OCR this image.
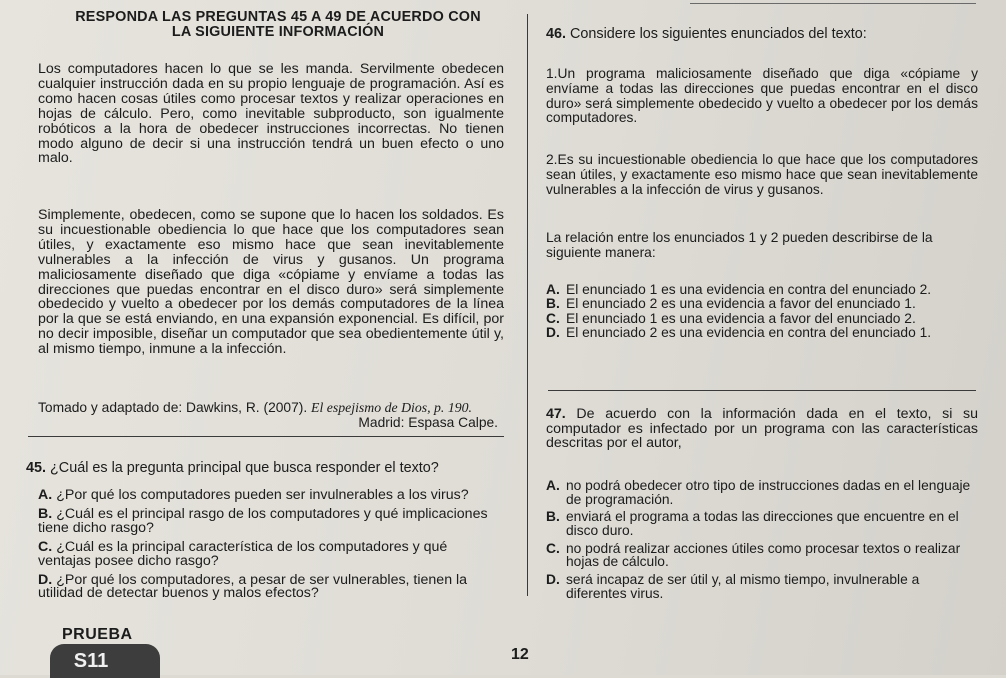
RESPONDA LAS PREGUNTAS 45 A 49 DE ACUERDO CON
LA SIGUIENTE INFORMACIÓN

Los computadores hacen lo que se les manda. Servilmente obedecen cualquier instrucción dada en su propio lenguaje de programación. Así es como hacen cosas útiles como procesar textos y realizar operaciones en hojas de cálculo. Pero, como inevitable subproducto, son igualmente robóticos a la hora de obedecer instrucciones incorrectas. No tienen modo alguno de decir si una instrucción tendrá un buen efecto o uno malo.

Simplemente, obedecen, como se supone que lo hacen los soldados. Es su incuestionable obediencia lo que hace que los computadores sean útiles, y exactamente eso mismo hace que sean inevitablemente vulnerables a la infección de virus y gusanos. Un programa maliciosamente diseñado que diga «cópiame y envíame a todas las direcciones que puedas encontrar en el disco duro» será simplemente obedecido y vuelto a obedecer por los demás computadores de la línea por la que se está enviando, en una expansión exponencial. Es difícil, por no decir imposible, diseñar un computador que sea obedientemente útil y, al mismo tiempo, inmune a la infección.

Tomado y adaptado de: Dawkins, R. (2007). El espejismo de Dios, p. 190.
Madrid: Espasa Calpe.
45. ¿Cuál es la pregunta principal que busca responder el texto?
A. ¿Por qué los computadores pueden ser invulnerables a los virus?
B. ¿Cuál es el principal rasgo de los computadores y qué implicaciones tiene dicho rasgo?
C. ¿Cuál es la principal característica de los computadores y qué ventajas posee dicho rasgo?
D. ¿Por qué los computadores, a pesar de ser vulnerables, tienen la utilidad de detectar buenos y malos efectos?
46. Considere los siguientes enunciados del texto:
1.Un programa maliciosamente diseñado que diga «cópiame y envíame a todas las direcciones que puedas encontrar en el disco duro» será simplemente obedecido y vuelto a obedecer por los demás computadores.
2.Es su incuestionable obediencia lo que hace que los computadores sean útiles, y exactamente eso mismo hace que sean inevitablemente vulnerables a la infección de virus y gusanos.
La relación entre los enunciados 1 y 2 pueden describirse de la siguiente manera:
A. El enunciado 1 es una evidencia en contra del enunciado 2.
B. El enunciado 2 es una evidencia a favor del enunciado 1.
C. El enunciado 1 es una evidencia a favor del enunciado 2.
D. El enunciado 2 es una evidencia en contra del enunciado 1.
47. De acuerdo con la información dada en el texto, si su computador es infectado por un programa con las características descritas por el autor,
A. no podrá obedecer otro tipo de instrucciones dadas en el lenguaje de programación.
B. enviará el programa a todas las direcciones que encuentre en el disco duro.
C. no podrá realizar acciones útiles como procesar textos o realizar hojas de cálculo.
D. será incapaz de ser útil y, al mismo tiempo, invulnerable a diferentes virus.
PRUEBA
S11	12
